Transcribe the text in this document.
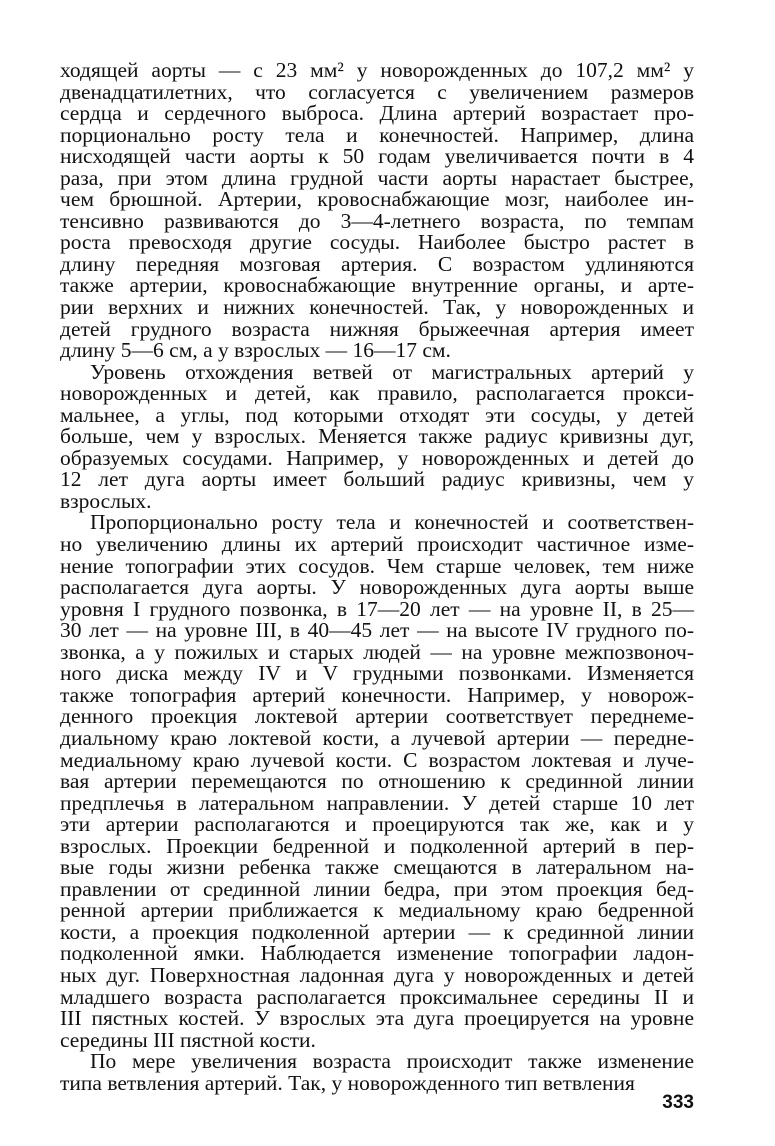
ходящей аорты — с 23 мм² у новорожденных до 107,2 мм² у
двенадцатилетних, что согласуется с увеличением размеров
сердца и сердечного выброса. Длина артерий возрастает про-
порционально росту тела и конечностей. Например, длина
нисходящей части аорты к 50 годам увеличивается почти в 4
раза, при этом длина грудной части аорты нарастает быстрее,
чем брюшной. Артерии, кровоснабжающие мозг, наиболее ин-
тенсивно развиваются до 3—4-летнего возраста, по темпам
роста превосходя другие сосуды. Наиболее быстро растет в
длину передняя мозговая артерия. С возрастом удлиняются
также артерии, кровоснабжающие внутренние органы, и арте-
рии верхних и нижних конечностей. Так, у новорожденных и
детей грудного возраста нижняя брыжеечная артерия имеет
длину 5—6 см, а у взрослых — 16—17 см.
Уровень отхождения ветвей от магистральных артерий у
новорожденных и детей, как правило, располагается прокси-
мальнее, а углы, под которыми отходят эти сосуды, у детей
больше, чем у взрослых. Меняется также радиус кривизны дуг,
образуемых сосудами. Например, у новорожденных и детей до
12 лет дуга аорты имеет больший радиус кривизны, чем у
взрослых.
Пропорционально росту тела и конечностей и соответствен-
но увеличению длины их артерий происходит частичное изме-
нение топографии этих сосудов. Чем старше человек, тем ниже
располагается дуга аорты. У новорожденных дуга аорты выше
уровня I грудного позвонка, в 17—20 лет — на уровне II, в 25—
30 лет — на уровне III, в 40—45 лет — на высоте IV грудного по-
звонка, а у пожилых и старых людей — на уровне межпозвоноч-
ного диска между IV и V грудными позвонками. Изменяется
также топография артерий конечности. Например, у новорож-
денного проекция локтевой артерии соответствует переднеме-
диальному краю локтевой кости, а лучевой артерии — передне-
медиальному краю лучевой кости. С возрастом локтевая и луче-
вая артерии перемещаются по отношению к срединной линии
предплечья в латеральном направлении. У детей старше 10 лет
эти артерии располагаются и проецируются так же, как и у
взрослых. Проекции бедренной и подколенной артерий в пер-
вые годы жизни ребенка также смещаются в латеральном на-
правлении от срединной линии бедра, при этом проекция бед-
ренной артерии приближается к медиальному краю бедренной
кости, а проекция подколенной артерии — к срединной линии
подколенной ямки. Наблюдается изменение топографии ладон-
ных дуг. Поверхностная ладонная дуга у новорожденных и детей
младшего возраста располагается проксимальнее середины II и
III пястных костей. У взрослых эта дуга проецируется на уровне
середины III пястной кости.
По мере увеличения возраста происходит также изменение
типа ветвления артерий. Так, у новорожденного тип ветвления
333
